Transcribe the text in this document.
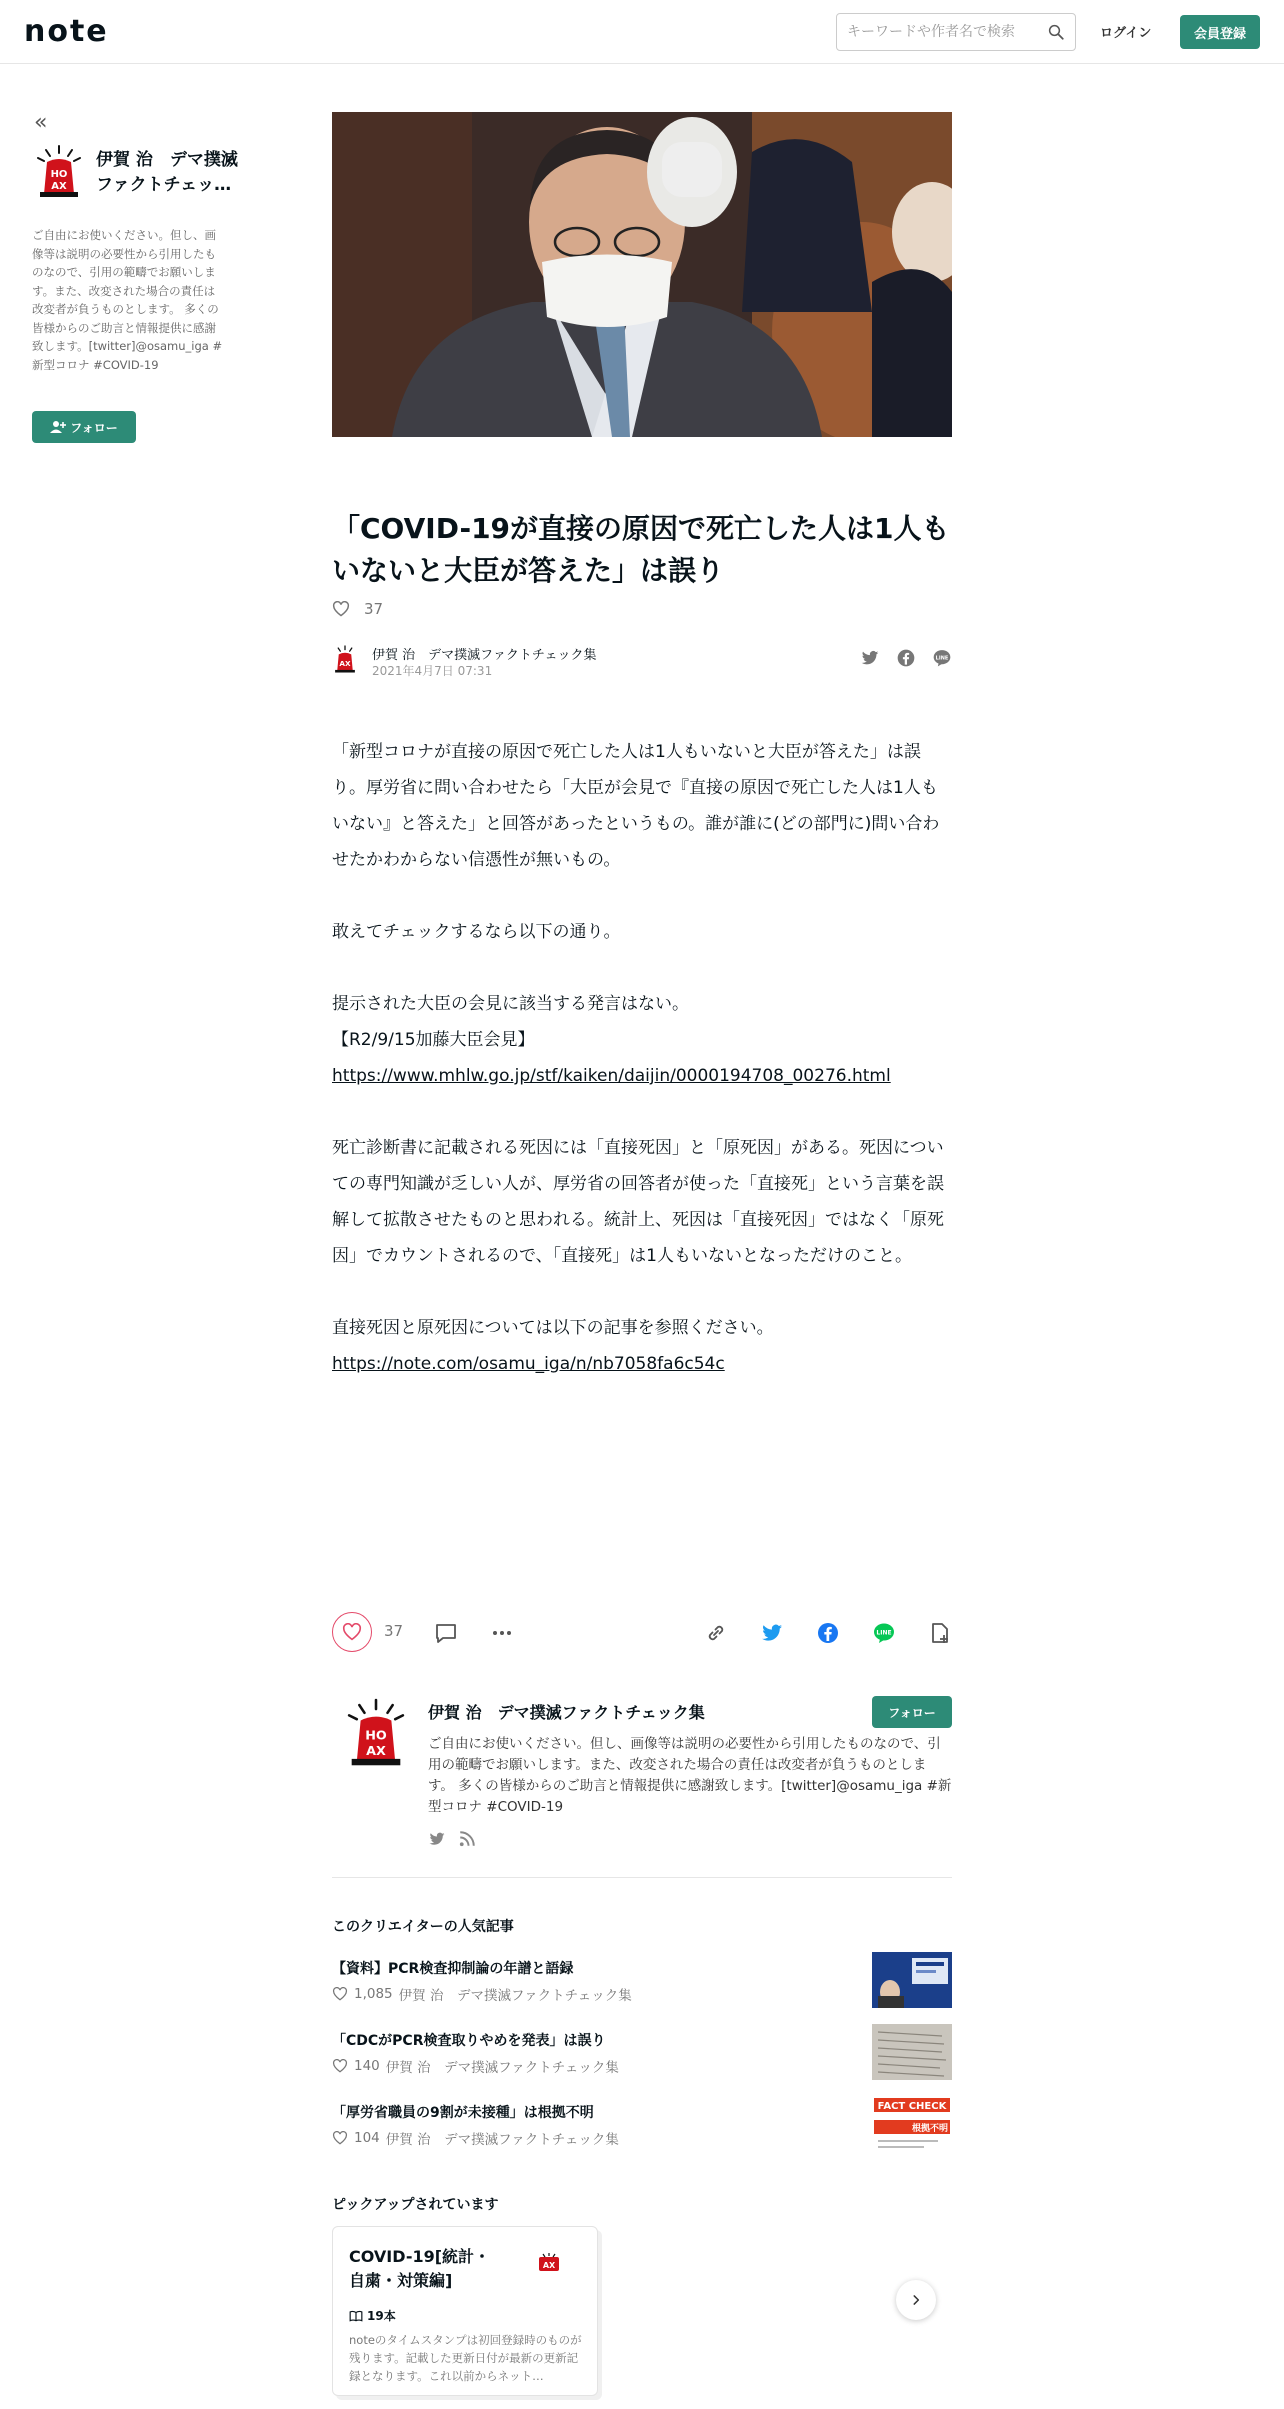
note
キーワードや作者名で検索	ログイン	会員登録
«
HO
AX
伊賀 治　デマ撲滅ファクトチェッ…
ご自由にお使いください。但し、画像等は説明の必要性から引用したものなので、引用の範疇でお願いします。また、改変された場合の責任は改変者が負うものとします。 多くの皆様からのご助言と情報提供に感謝致します。[twitter]@osamu_iga #新型コロナ #COVID-19
フォロー
「COVID-19が直接の原因で死亡した人は1人もいないと大臣が答えた」は誤り
37
AX
伊賀 治　デマ撲滅ファクトチェック集
2021年4月7日 07:31
LINE

「新型コロナが直接の原因で死亡した人は1人もいないと大臣が答えた」は誤り。厚労省に問い合わせたら「大臣が会見で『直接の原因で死亡した人は1人もいない』と答えた」と回答があったというもの。誰が誰に(どの部門に)問い合わせたかわからない信憑性が無いもの。

敢えてチェックするなら以下の通り。

提示された大臣の会見に該当する発言はない。

【R2/9/15加藤大臣会見】

https://www.mhlw.go.jp/stf/kaiken/daijin/0000194708_00276.html

死亡診断書に記載される死因には「直接死因」と「原死因」がある。死因についての専門知識が乏しい人が、厚労省の回答者が使った「直接死」という言葉を誤解して拡散させたものと思われる。統計上、死因は「直接死因」ではなく「原死因」でカウントされるので、「直接死」は1人もいないとなっただけのこと。

直接死因と原死因については以下の記事を参照ください。

https://note.com/osamu_iga/n/nb7058fa6c54c

37	LINE
HO
AX
伊賀 治　デマ撲滅ファクトチェック集	フォロー
ご自由にお使いください。但し、画像等は説明の必要性から引用したものなので、引用の範疇でお願いします。また、改変された場合の責任は改変者が負うものとします。 多くの皆様からのご助言と情報提供に感謝致します。[twitter]@osamu_iga #新型コロナ #COVID-19
このクリエイターの人気記事
【資料】PCR検査抑制論の年譜と語録
1,085 伊賀 治　デマ撲滅ファクトチェック集
「CDCがPCR検査取りやめを発表」は誤り
140 伊賀 治　デマ撲滅ファクトチェック集
「厚労省職員の9割が未接種」は根拠不明
104 伊賀 治　デマ撲滅ファクトチェック集
FACT CHECK
根拠不明
ピックアップされています
COVID-19[統計・自粛・対策編]
AX
19本
noteのタイムスタンプは初回登録時のものが残ります。記載した更新日付が最新の更新記録となります。これ以前からネット…
